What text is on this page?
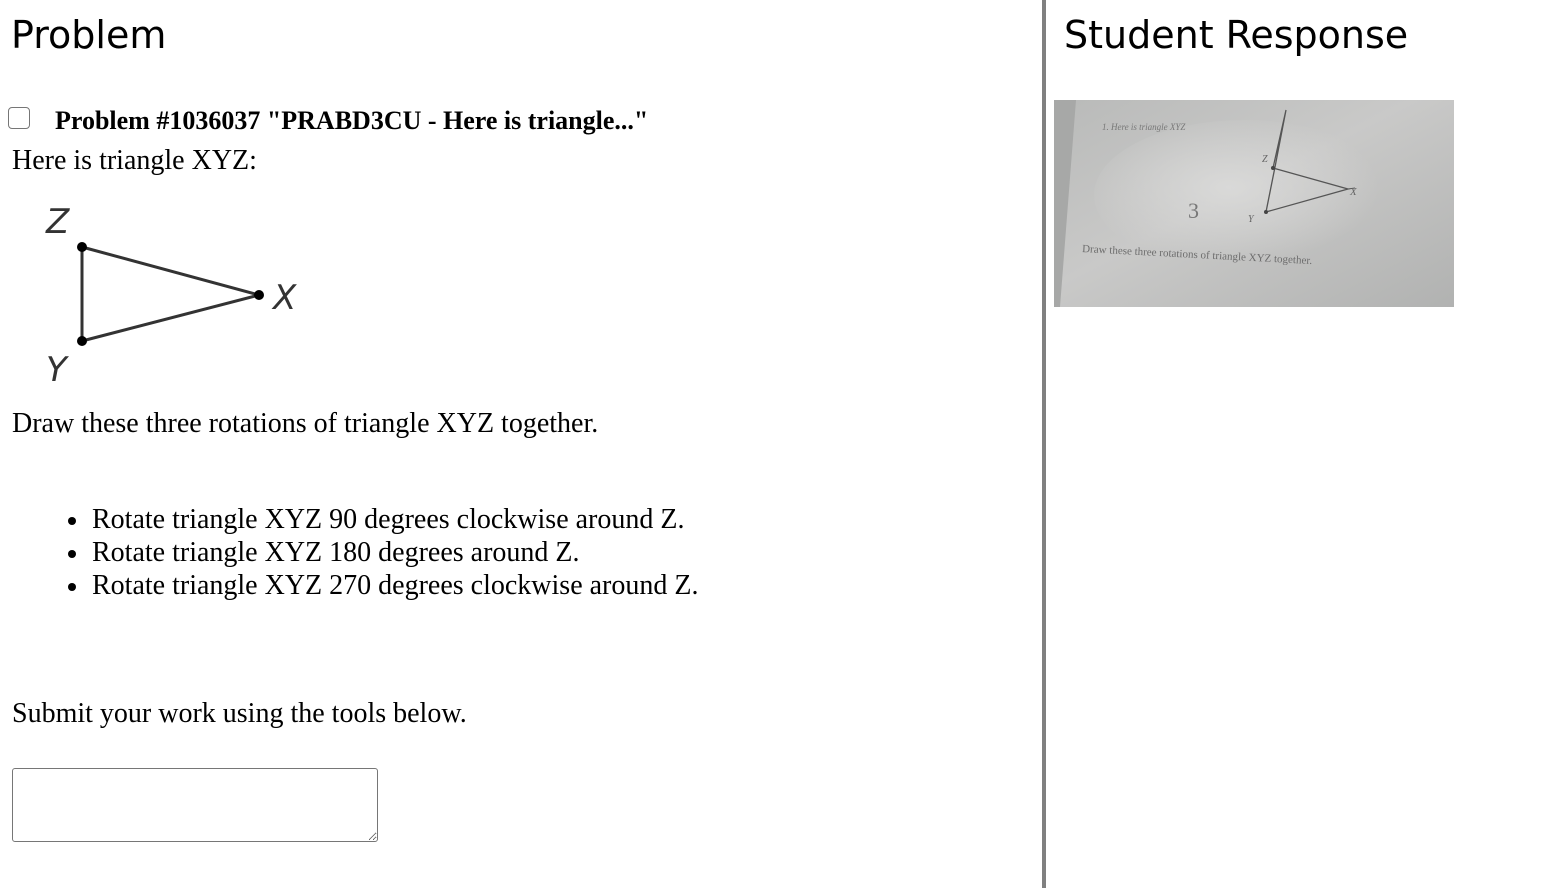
Problem
Problem #1036037 "PRABD3CU - Here is triangle..."

Here is triangle XYZ:

Z
X
Y

Draw these three rotations of triangle XYZ together.

Rotate triangle XYZ 90 degrees clockwise around Z.
Rotate triangle XYZ 180 degrees around Z.
Rotate triangle XYZ 270 degrees clockwise around Z.

Submit your work using the tools below.

Student Response
1. Here is triangle XYZ
Z
X
Y
3
Draw these three rotations of triangle XYZ together.
